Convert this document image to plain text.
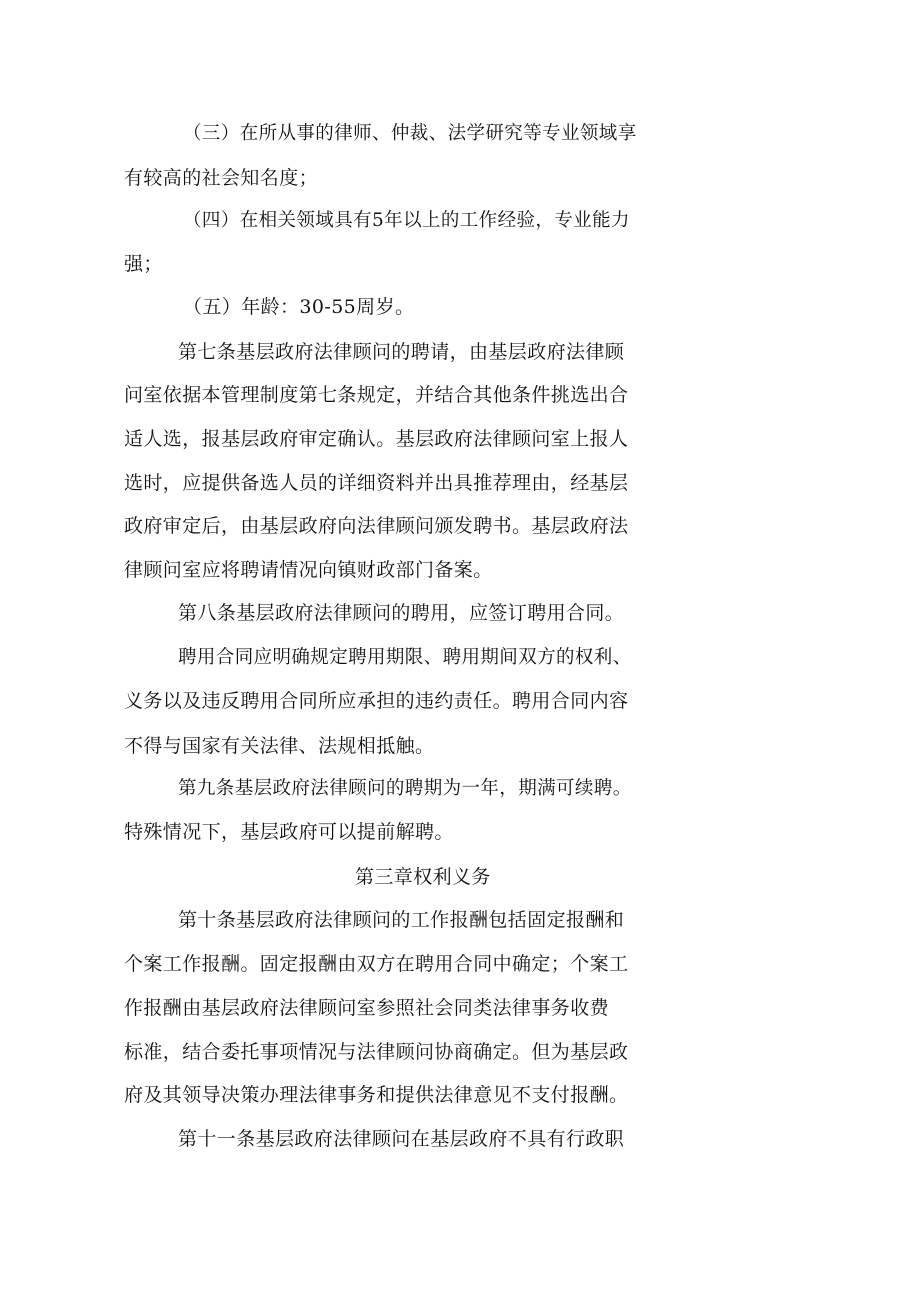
（三）在所从事的律师、仲裁、法学研究等专业领域享
有较高的社会知名度；
（四）在相关领域具有5年以上的工作经验，专业能力
强；
（五）年龄：30-55周岁。
第七条基层政府法律顾问的聘请，由基层政府法律顾
问室依据本管理制度第七条规定，并结合其他条件挑选出合
适人选，报基层政府审定确认。基层政府法律顾问室上报人
选时，应提供备选人员的详细资料并出具推荐理由，经基层
政府审定后，由基层政府向法律顾问颁发聘书。基层政府法
律顾问室应将聘请情况向镇财政部门备案。
第八条基层政府法律顾问的聘用，应签订聘用合同。
聘用合同应明确规定聘用期限、聘用期间双方的权利、
义务以及违反聘用合同所应承担的违约责任。聘用合同内容
不得与国家有关法律、法规相抵触。
第九条基层政府法律顾问的聘期为一年，期满可续聘。
特殊情况下，基层政府可以提前解聘。
第三章权利义务
第十条基层政府法律顾问的工作报酬包括固定报酬和
个案工作报酬。固定报酬由双方在聘用合同中确定；个案工
作报酬由基层政府法律顾问室参照社会同类法律事务收费
标准，结合委托事项情况与法律顾问协商确定。但为基层政
府及其领导决策办理法律事务和提供法律意见不支付报酬。
第十一条基层政府法律顾问在基层政府不具有行政职
